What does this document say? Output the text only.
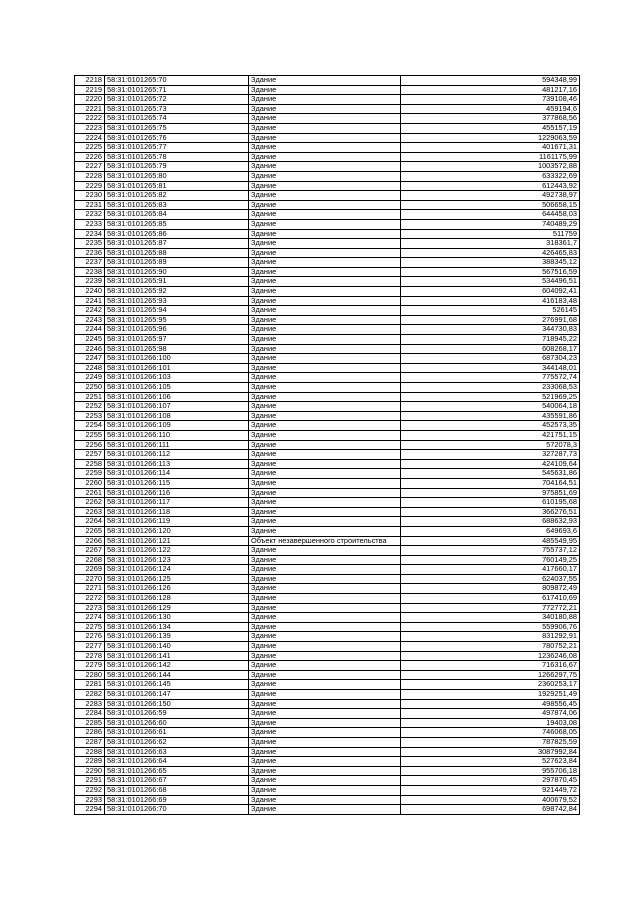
2218	58:31:0101265:70	Здание	594348,99
2219	58:31:0101265:71	Здание	481217,16
2220	58:31:0101265:72	Здание	739108,46
2221	58:31:0101265:73	Здание	459194,6
2222	58:31:0101265:74	Здание	377868,56
2223	58:31:0101265:75	Здание	455157,19
2224	58:31:0101265:76	Здание	1229063,59
2225	58:31:0101265:77	Здание	401671,31
2226	58:31:0101265:78	Здание	1161175,99
2227	58:31:0101265:79	Здание	1003572,88
2228	58:31:0101265:80	Здание	633322,69
2229	58:31:0101265:81	Здание	612443,92
2230	58:31:0101265:82	Здание	492738,97
2231	58:31:0101265:83	Здание	506658,15
2232	58:31:0101265:84	Здание	644458,03
2233	58:31:0101265:85	Здание	740489,29
2234	58:31:0101265:86	Здание	511759
2235	58:31:0101265:87	Здание	318361,7
2236	58:31:0101265:88	Здание	426465,83
2237	58:31:0101265:89	Здание	388345,12
2238	58:31:0101265:90	Здание	567516,59
2239	58:31:0101265:91	Здание	534496,51
2240	58:31:0101265:92	Здание	604092,41
2241	58:31:0101265:93	Здание	416183,48
2242	58:31:0101265:94	Здание	526145
2243	58:31:0101265:95	Здание	276991,68
2244	58:31:0101265:96	Здание	344730,83
2245	58:31:0101265:97	Здание	718945,22
2246	58:31:0101265:98	Здание	608268,17
2247	58:31:0101266:100	Здание	687304,23
2248	58:31:0101266:101	Здание	344148,01
2249	58:31:0101266:103	Здание	775572,74
2250	58:31:0101266:105	Здание	233068,53
2251	58:31:0101266:106	Здание	521969,25
2252	58:31:0101266:107	Здание	540064,18
2253	58:31:0101266:108	Здание	435591,86
2254	58:31:0101266:109	Здание	452573,35
2255	58:31:0101266:110	Здание	421751,15
2256	58:31:0101266:111	Здание	572078,3
2257	58:31:0101266:112	Здание	327287,73
2258	58:31:0101266:113	Здание	424109,64
2259	58:31:0101266:114	Здание	545631,86
2260	58:31:0101266:115	Здание	704164,51
2261	58:31:0101266:116	Здание	975851,69
2262	58:31:0101266:117	Здание	610195,68
2263	58:31:0101266:118	Здание	366276,51
2264	58:31:0101266:119	Здание	688632,93
2265	58:31:0101266:120	Здание	649693,6
2266	58:31:0101266:121	Объект незавершенного строительства	485549,95
2267	58:31:0101266:122	Здание	755737,12
2268	58:31:0101266:123	Здание	760149,25
2269	58:31:0101266:124	Здание	417660,17
2270	58:31:0101266:125	Здание	624037,55
2271	58:31:0101266:126	Здание	809872,49
2272	58:31:0101266:128	Здание	617410,69
2273	58:31:0101266:129	Здание	772772,21
2274	58:31:0101266:130	Здание	340180,88
2275	58:31:0101266:134	Здание	559906,76
2276	58:31:0101266:139	Здание	831292,91
2277	58:31:0101266:140	Здание	780752,21
2278	58:31:0101266:141	Здание	1236246,08
2279	58:31:0101266:142	Здание	716316,67
2280	58:31:0101266:144	Здание	1266297,75
2281	58:31:0101266:145	Здание	2360253,17
2282	58:31:0101266:147	Здание	1929251,49
2283	58:31:0101266:150	Здание	498556,45
2284	58:31:0101266:59	Здание	497874,06
2285	58:31:0101266:60	Здание	19403,08
2286	58:31:0101266:61	Здание	746068,05
2287	58:31:0101266:62	Здание	787825,59
2288	58:31:0101266:63	Здание	3087992,84
2289	58:31:0101266:64	Здание	527623,84
2290	58:31:0101266:65	Здание	955706,18
2291	58:31:0101266:67	Здание	297870,45
2292	58:31:0101266:68	Здание	921449,72
2293	58:31:0101266:69	Здание	400679,52
2294	58:31:0101266:70	Здание	698742,84
